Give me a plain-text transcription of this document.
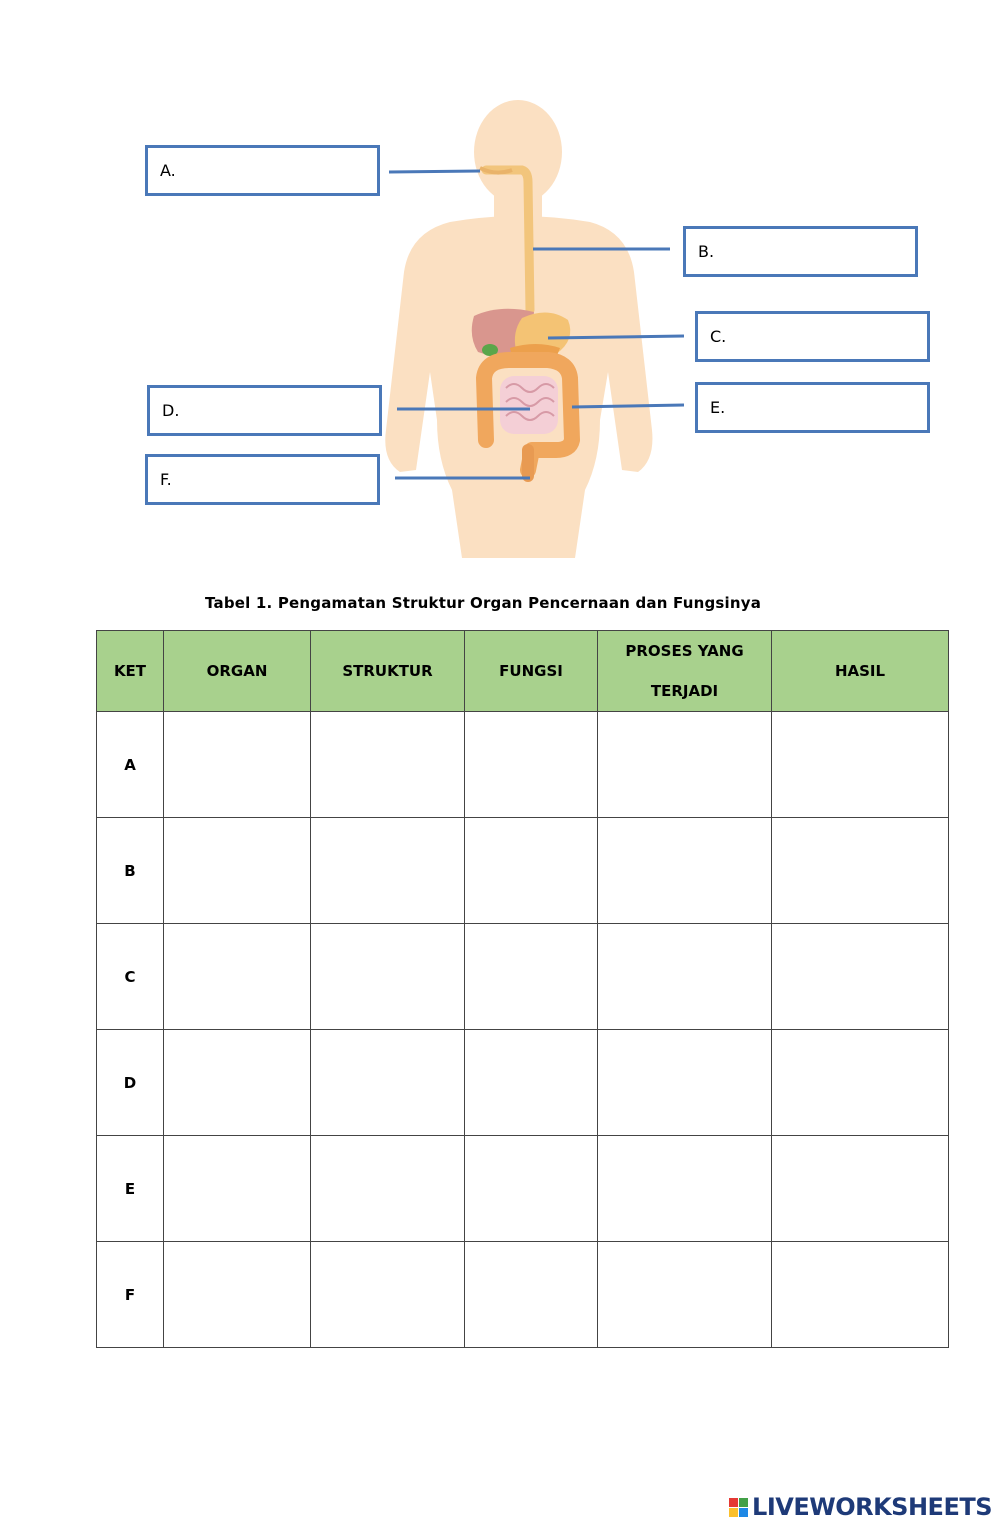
A.
B.
C.
D.	E.
F.
Tabel 1. Pengamatan Struktur Organ Pencernaan dan Fungsinya
KET	ORGAN	STRUKTUR	FUNGSI	PROSES YANG TERJADI	HASIL
A					
B					
C					
D					
E					
F					
LIVEWORKSHEETS
